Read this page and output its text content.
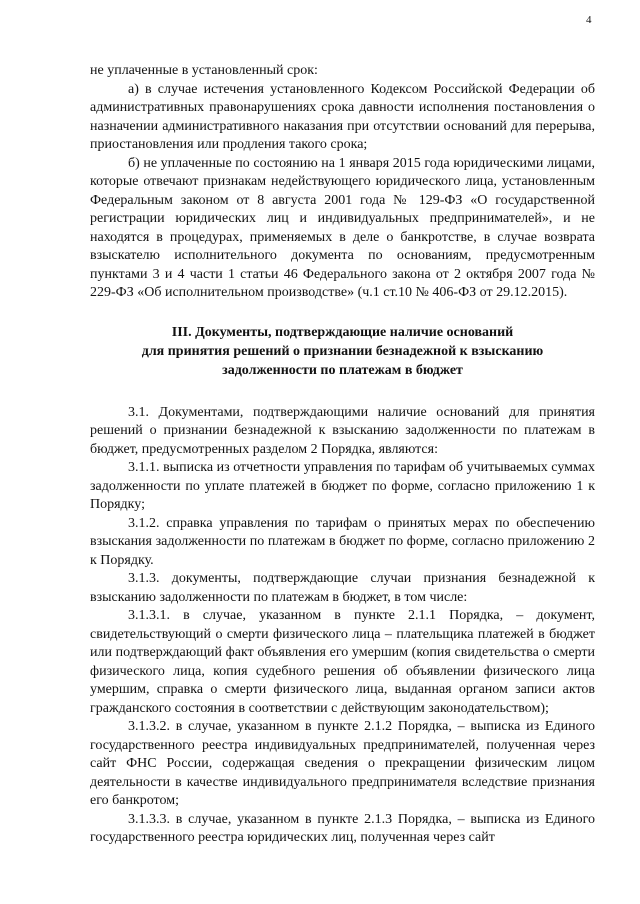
4

не уплаченные в установленный срок:

а) в случае истечения установленного Кодексом Российской Федерации об административных правонарушениях срока давности исполнения постановления о назначении административного наказания при отсутствии оснований для перерыва, приостановления или продления такого срока;

б) не уплаченные по состоянию на 1 января 2015 года юридическими лицами, которые отвечают признакам недействующего юридического лица, установленным Федеральным законом от 8 августа 2001 года № 129-ФЗ «О государственной регистрации юридических лиц и индивидуальных предпринимателей», и не находятся в процедурах, применяемых в деле о банкротстве, в случае возврата взыскателю исполнительного документа по основаниям, предусмотренным пунктами 3 и 4 части 1 статьи 46 Федерального закона от 2 октября 2007 года № 229-ФЗ «Об исполнительном производстве» (ч.1 ст.10 № 406-ФЗ от 29.12.2015).

III. Документы, подтверждающие наличие оснований
для принятия решений о признании безнадежной к взысканию
задолженности по платежам в бюджет

3.1. Документами, подтверждающими наличие оснований для принятия решений о признании безнадежной к взысканию задолженности по платежам в бюджет, предусмотренных разделом 2 Порядка, являются:

3.1.1. выписка из отчетности управления по тарифам об учитываемых суммах задолженности по уплате платежей в бюджет по форме, согласно приложению 1 к Порядку;

3.1.2. справка управления по тарифам о принятых мерах по обеспечению взыскания задолженности по платежам в бюджет по форме, согласно приложению 2 к Порядку.

3.1.3. документы, подтверждающие случаи признания безнадежной к взысканию задолженности по платежам в бюджет, в том числе:

3.1.3.1. в случае, указанном в пункте 2.1.1 Порядка, – документ, свидетельствующий о смерти физического лица – плательщика платежей в бюджет или подтверждающий факт объявления его умершим (копия свидетельства о смерти физического лица, копия судебного решения об объявлении физического лица умершим, справка о смерти физического лица, выданная органом записи актов гражданского состояния в соответствии с действующим законодательством);

3.1.3.2. в случае, указанном в пункте 2.1.2 Порядка, – выписка из Единого государственного реестра индивидуальных предпринимателей, полученная через сайт ФНС России, содержащая сведения о прекращении физическим лицом деятельности в качестве индивидуального предпринимателя вследствие признания его банкротом;

3.1.3.3. в случае, указанном в пункте 2.1.3 Порядка, – выписка из Единого государственного реестра юридических лиц, полученная через сайт
